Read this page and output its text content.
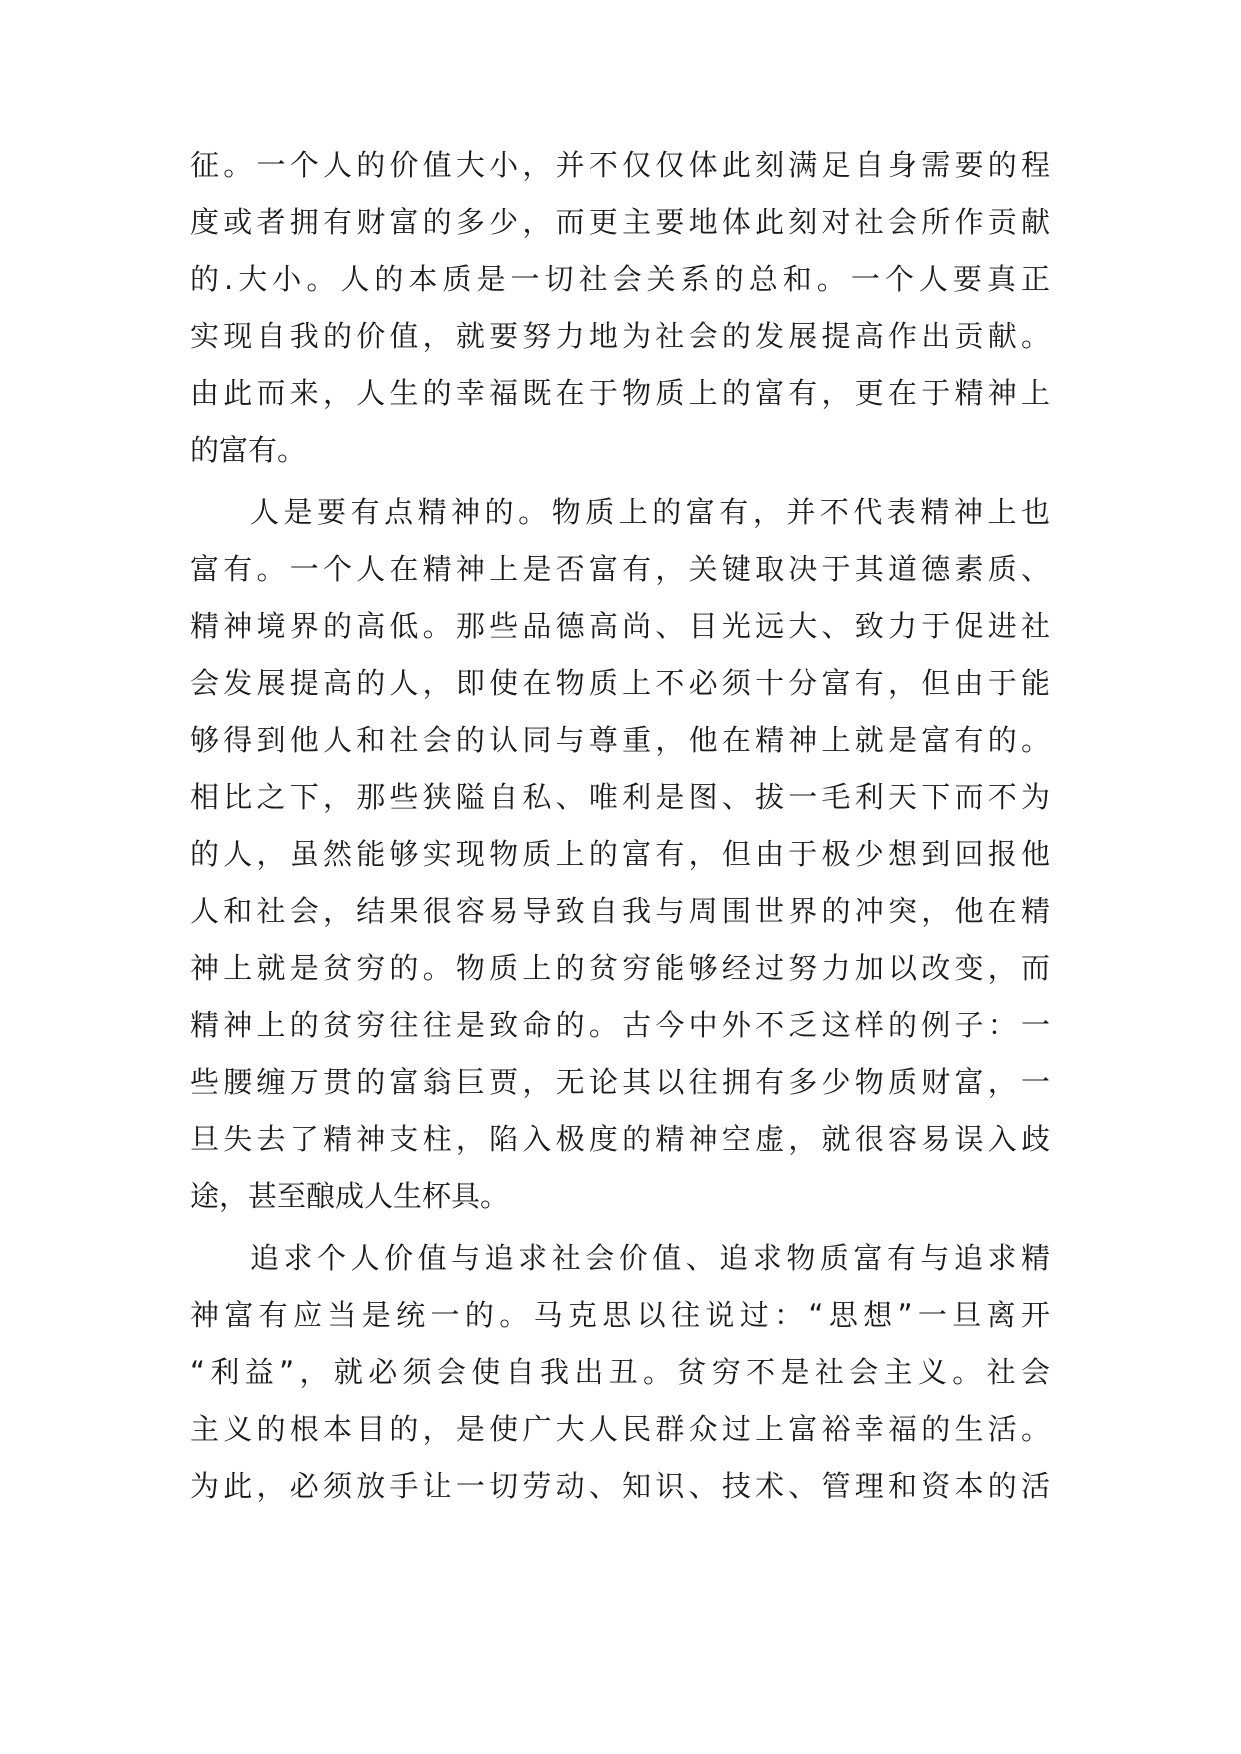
征。一个人的价值大小，并不仅仅体此刻满足自身需要的程
度或者拥有财富的多少，而更主要地体此刻对社会所作贡献
的.大小。人的本质是一切社会关系的总和。一个人要真正
实现自我的价值，就要努力地为社会的发展提高作出贡献。
由此而来，人生的幸福既在于物质上的富有，更在于精神上
的富有。
人是要有点精神的。物质上的富有，并不代表精神上也
富有。一个人在精神上是否富有，关键取决于其道德素质、
精神境界的高低。那些品德高尚、目光远大、致力于促进社
会发展提高的人，即使在物质上不必须十分富有，但由于能
够得到他人和社会的认同与尊重，他在精神上就是富有的。
相比之下，那些狭隘自私、唯利是图、拔一毛利天下而不为
的人，虽然能够实现物质上的富有，但由于极少想到回报他
人和社会，结果很容易导致自我与周围世界的冲突，他在精
神上就是贫穷的。物质上的贫穷能够经过努力加以改变，而
精神上的贫穷往往是致命的。古今中外不乏这样的例子：一
些腰缠万贯的富翁巨贾，无论其以往拥有多少物质财富，一
旦失去了精神支柱，陷入极度的精神空虚，就很容易误入歧
途，甚至酿成人生杯具。
追求个人价值与追求社会价值、追求物质富有与追求精
神富有应当是统一的。马克思以往说过：“思想”一旦离开
“利益”，就必须会使自我出丑。贫穷不是社会主义。社会
主义的根本目的，是使广大人民群众过上富裕幸福的生活。
为此，必须放手让一切劳动、知识、技术、管理和资本的活
